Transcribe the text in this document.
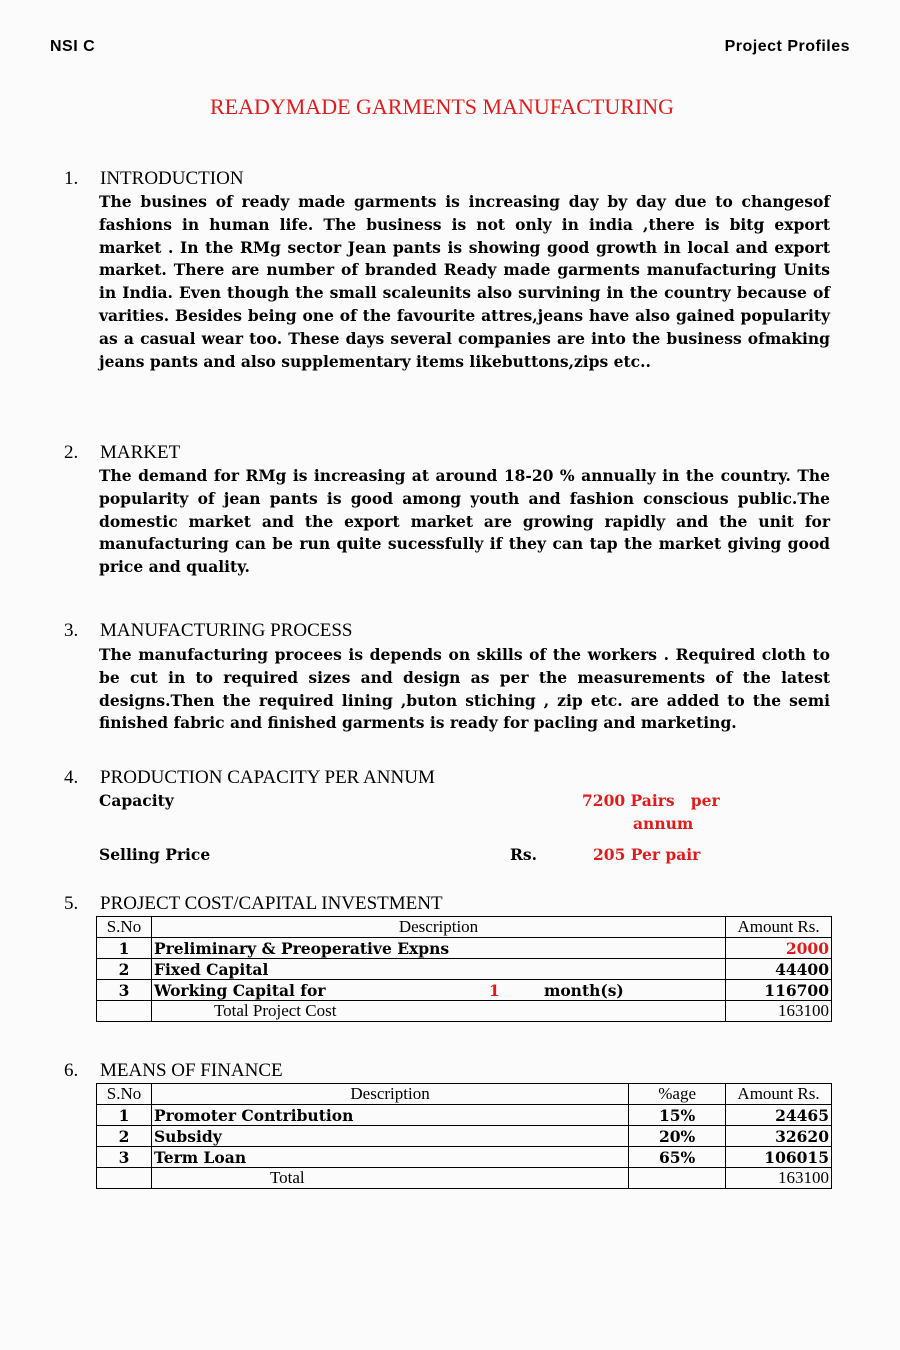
NSI C	Project Profiles
READYMADE GARMENTS MANUFACTURING
1. INTRODUCTION
The busines of ready made garments is increasing day by day due to changesof fashions in human life. The business is not only in india ,there is bitg export market . In the RMg sector Jean pants is showing good growth in local and export market. There are number of branded Ready made garments manufacturing Units in India. Even though the small scaleunits also survining in the country because of varities. Besides being one of the favourite attres,jeans have also gained popularity as a casual wear too. These days several companies are into the business ofmaking jeans pants and also supplementary items likebuttons,zips etc..
2. MARKET
The demand for RMg is increasing at around 18-20 % annually in the country. The popularity of jean pants is good among youth and fashion conscious public.The domestic market and the export market are growing rapidly and the unit for manufacturing can be run quite sucessfully if they can tap the market giving good price and quality.
3. MANUFACTURING PROCESS
The manufacturing procees is depends on skills of the workers . Required cloth to be cut in to required sizes and design as per the measurements of the latest designs.Then the required lining ,buton stiching , zip etc. are added to the semi finished fabric and finished garments is ready for pacling and marketing.
4. PRODUCTION CAPACITY PER ANNUM
Capacity	7200 Pairs   per
annum
Selling Price	Rs.	205 Per pair
5. PROJECT COST/CAPITAL INVESTMENT
S.No	Description	Amount Rs.
1	Preliminary & Preoperative Expns	2000
2	Fixed Capital	44400
3	Working Capital for 1 month(s)	116700
	Total Project Cost	163100
6. MEANS OF FINANCE
S.No	Description	%age	Amount Rs.
1	Promoter Contribution	15%	24465
2	Subsidy	20%	32620
3	Term Loan	65%	106015
	Total		163100
